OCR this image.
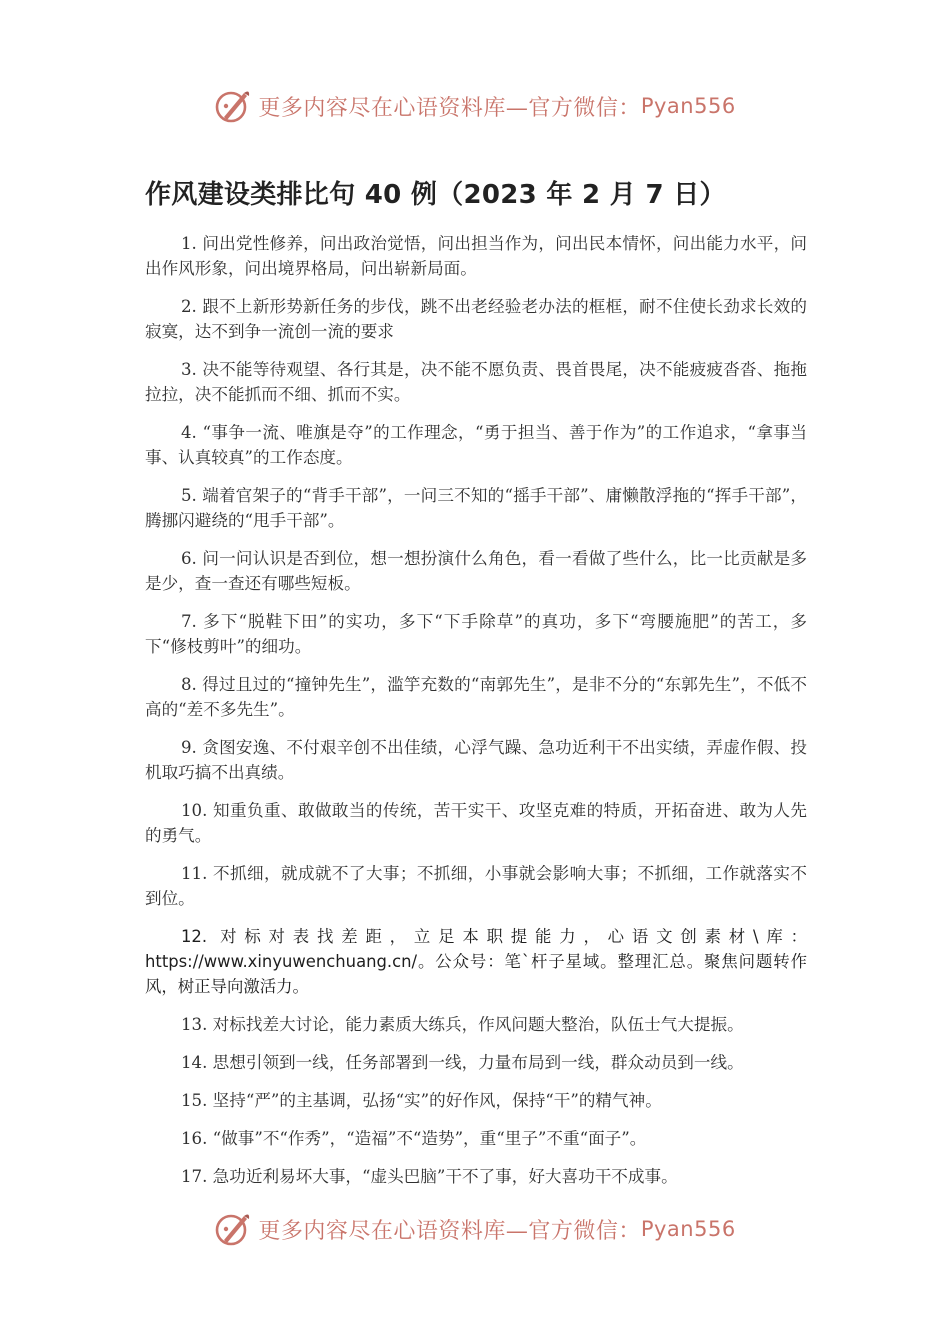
更多内容尽在心语资料库—官方微信： Pyan556
作风建设类排比句 40 例（2023 年 2 月 7 日）

1. 问出党性修养，问出政治觉悟，问出担当作为，问出民本情怀，问出能力水平，问出作风形象，问出境界格局，问出崭新局面。

2. 跟不上新形势新任务的步伐，跳不出老经验老办法的框框，耐不住使长劲求长效的寂寞，达不到争一流创一流的要求

3. 决不能等待观望、各行其是，决不能不愿负责、畏首畏尾，决不能疲疲沓沓、拖拖拉拉，决不能抓而不细、抓而不实。

4. “事争一流、唯旗是夺”的工作理念，“勇于担当、善于作为”的工作追求，“拿事当事、认真较真”的工作态度。

5. 端着官架子的“背手干部”，一问三不知的“摇手干部”、庸懒散浮拖的“挥手干部”，腾挪闪避绕的“甩手干部”。

6. 问一问认识是否到位，想一想扮演什么角色，看一看做了些什么，比一比贡献是多是少，查一查还有哪些短板。

7. 多下“脱鞋下田”的实功，多下“下手除草”的真功，多下“弯腰施肥”的苦工，多下“修枝剪叶”的细功。

8. 得过且过的“撞钟先生”，滥竽充数的“南郭先生”，是非不分的“东郭先生”，不低不高的“差不多先生”。

9. 贪图安逸、不付艰辛创不出佳绩，心浮气躁、急功近利干不出实绩，弄虚作假、投机取巧搞不出真绩。

10. 知重负重、敢做敢当的传统，苦干实干、攻坚克难的特质，开拓奋进、敢为人先的勇气。

11. 不抓细，就成就不了大事；不抓细，小事就会影响大事；不抓细，工作就落实不到位。

12. 对标对表找差距，立足本职提能力，心语文创素材\库：https://www.xinyuwenchuang.cn/。公众号：笔`杆子星域。整理汇总。聚焦问题转作风，树正导向激活力。

13. 对标找差大讨论，能力素质大练兵，作风问题大整治，队伍士气大提振。

14. 思想引领到一线，任务部署到一线，力量布局到一线，群众动员到一线。

15. 坚持“严”的主基调，弘扬“实”的好作风，保持“干”的精气神。

16. “做事”不“作秀”，“造福”不“造势”，重“里子”不重“面子”。

17. 急功近利易坏大事，“虚头巴脑”干不了事，好大喜功干不成事。

更多内容尽在心语资料库—官方微信： Pyan556
